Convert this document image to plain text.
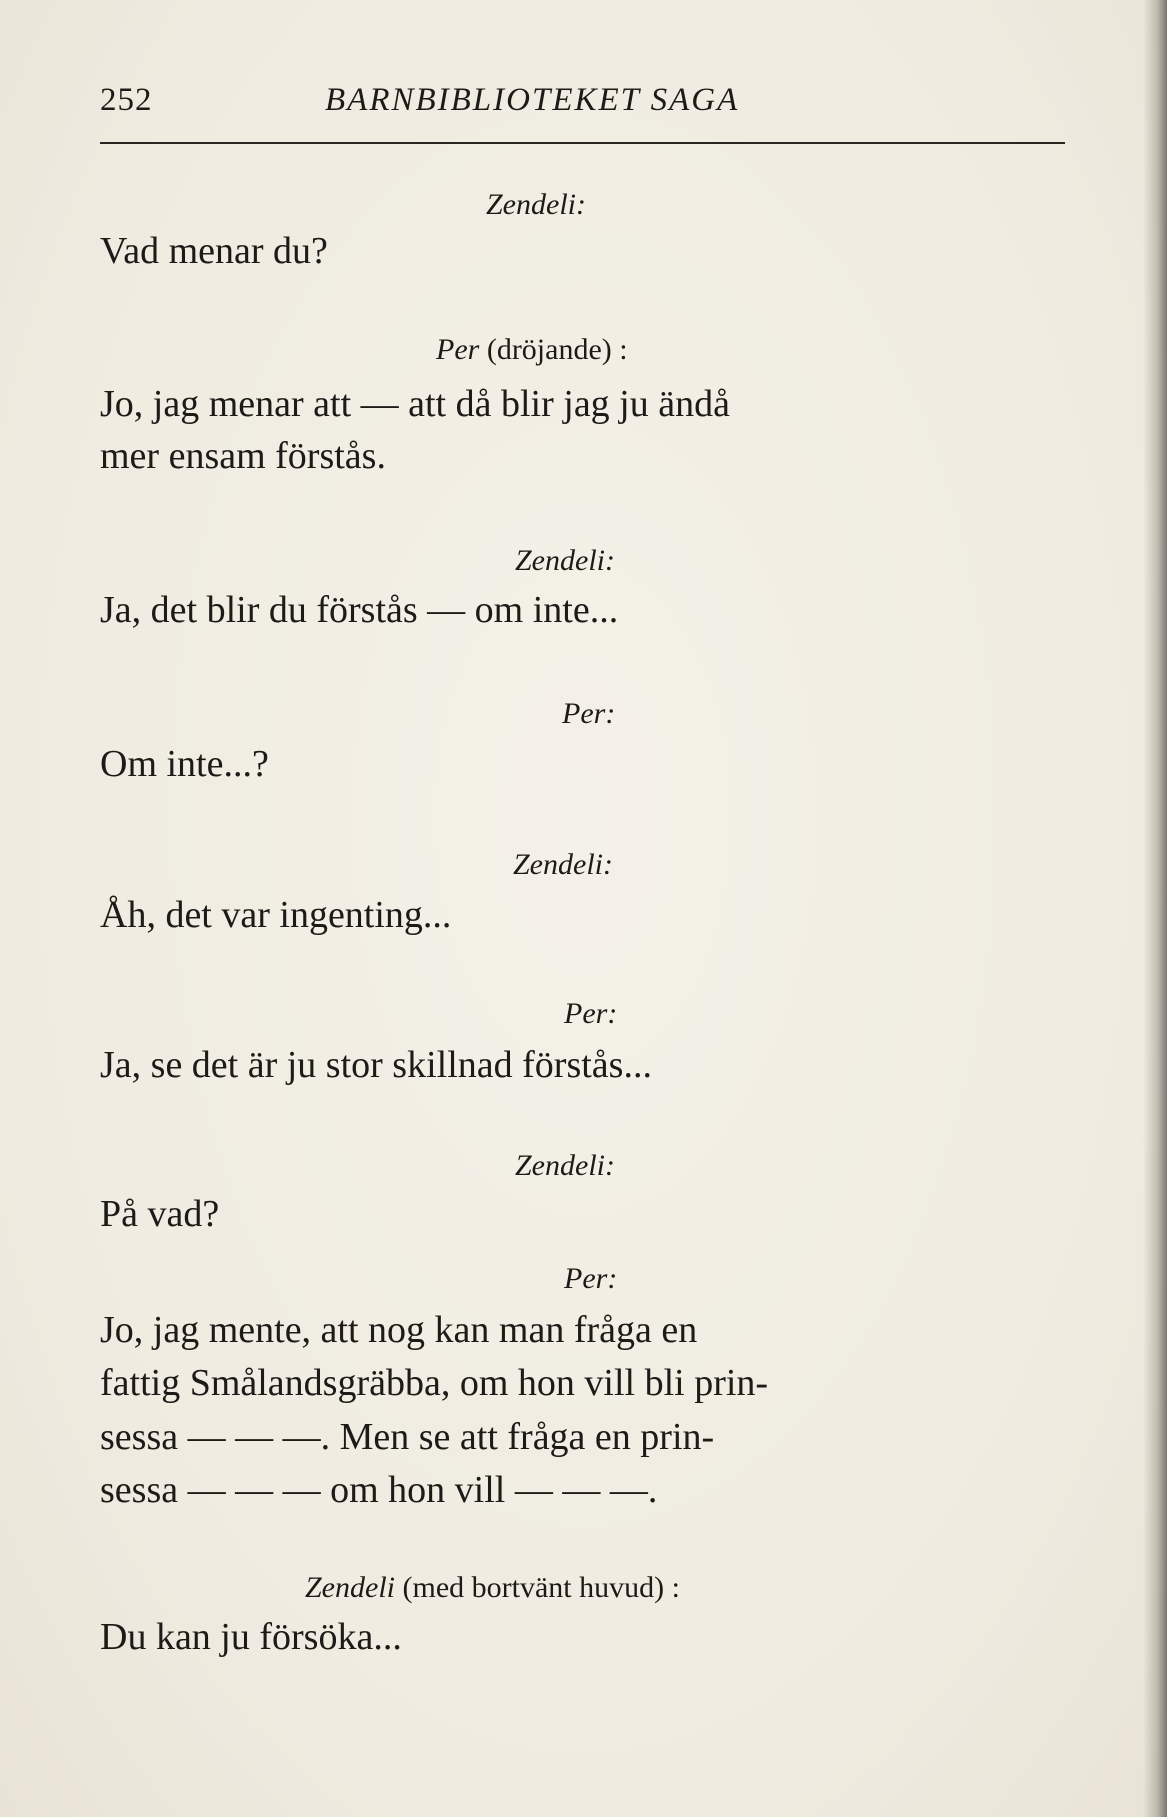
252	BARNBIBLIOTEKET SAGA
Zendeli:
Vad menar du?
Per (dröjande) :
Jo, jag menar att — att då blir jag ju ändå
mer ensam förstås.
Zendeli:
Ja, det blir du förstås — om inte...
Per:
Om inte...?
Zendeli:
Åh, det var ingenting...
Per:
Ja, se det är ju stor skillnad förstås...
Zendeli:
På vad?
Per:
Jo, jag mente, att nog kan man fråga en
fattig Smålandsgräbba, om hon vill bli prin-
sessa — — —. Men se att fråga en prin-
sessa — — — om hon vill — — —.
Zendeli (med bortvänt huvud) :
Du kan ju försöka...
